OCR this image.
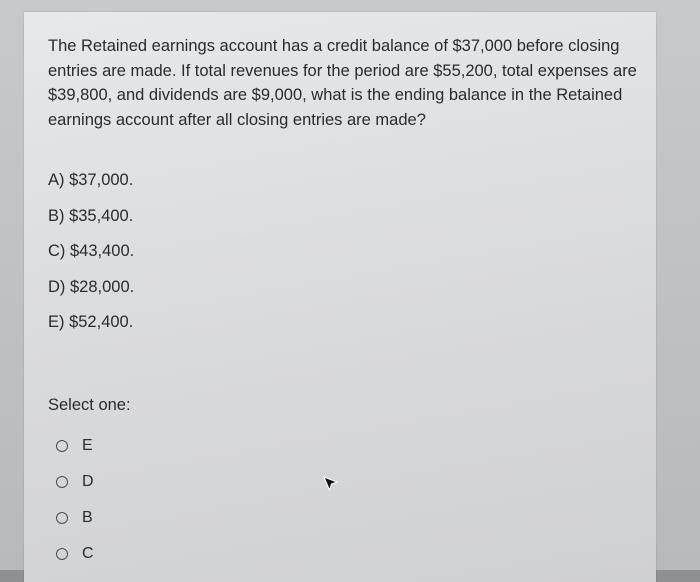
The Retained earnings account has a credit balance of $37,000 before closing entries are made. If total revenues for the period are $55,200, total expenses are $39,800, and dividends are $9,000, what is the ending balance in the Retained earnings account after all closing entries are made?

A) $37,000.
B) $35,400.
C) $43,400.
D) $28,000.
E) $52,400.
Select one:
E
D
B
C
